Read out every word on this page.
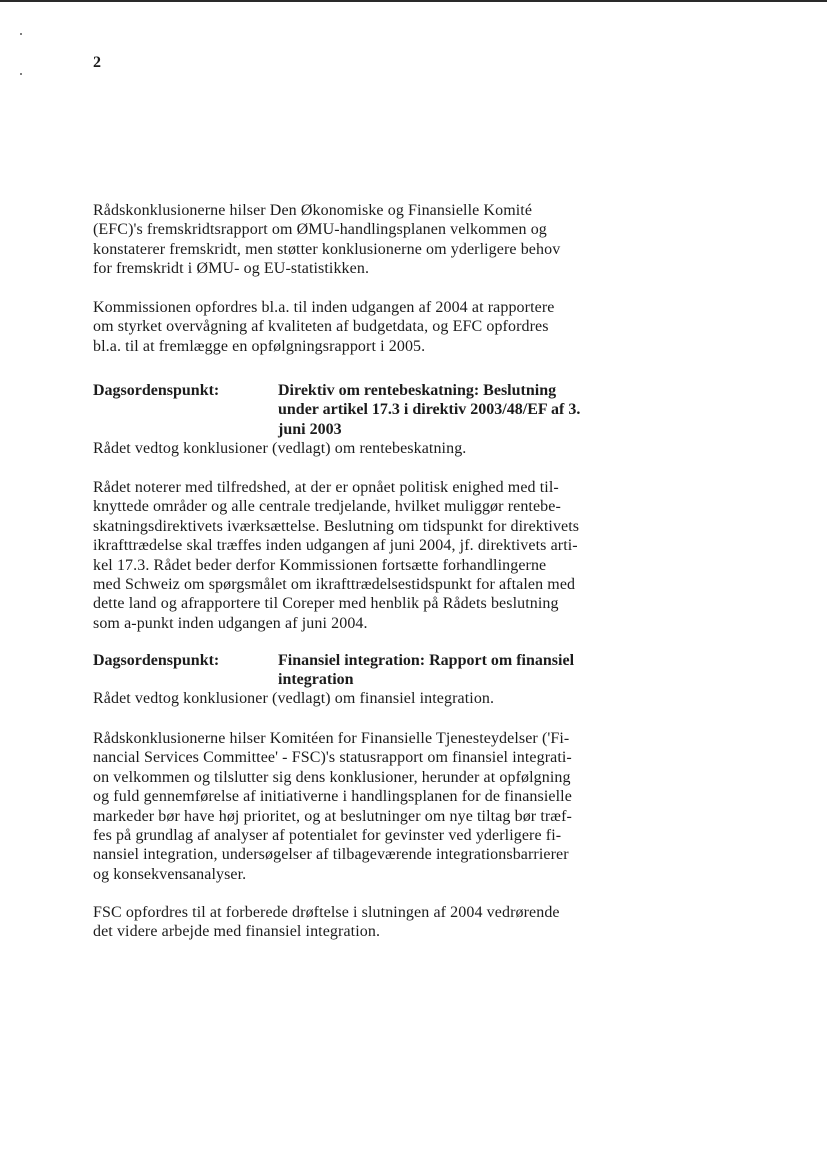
2

Rådskonklusionerne hilser Den Økonomiske og Finansielle Komité
(EFC)'s fremskridtsrapport om ØMU-handlingsplanen velkommen og
konstaterer fremskridt, men støtter konklusionerne om yderligere behov
for fremskridt i ØMU- og EU-statistikken.

Kommissionen opfordres bl.a. til inden udgangen af 2004 at rapportere
om styrket overvågning af kvaliteten af budgetdata, og EFC opfordres
bl.a. til at fremlægge en opfølgningsrapport i 2005.

Dagsordenspunkt:	Direktiv om rentebeskatning: Beslutning
under artikel 17.3 i direktiv 2003/48/EF af 3.
juni 2003

Rådet vedtog konklusioner (vedlagt) om rentebeskatning.

Rådet noterer med tilfredshed, at der er opnået politisk enighed med til-
knyttede områder og alle centrale tredjelande, hvilket muliggør rentebe-
skatningsdirektivets iværksættelse. Beslutning om tidspunkt for direktivets
ikrafttrædelse skal træffes inden udgangen af juni 2004, jf. direktivets arti-
kel 17.3. Rådet beder derfor Kommissionen fortsætte forhandlingerne
med Schweiz om spørgsmålet om ikrafttrædelsestidspunkt for aftalen med
dette land og afrapportere til Coreper med henblik på Rådets beslutning
som a-punkt inden udgangen af juni 2004.

Dagsordenspunkt:	Finansiel integration: Rapport om finansiel
integration

Rådet vedtog konklusioner (vedlagt) om finansiel integration.

Rådskonklusionerne hilser Komitéen for Finansielle Tjenesteydelser ('Fi-
nancial Services Committee' - FSC)'s statusrapport om finansiel integrati-
on velkommen og tilslutter sig dens konklusioner, herunder at opfølgning
og fuld gennemførelse af initiativerne i handlingsplanen for de finansielle
markeder bør have høj prioritet, og at beslutninger om nye tiltag bør træf-
fes på grundlag af analyser af potentialet for gevinster ved yderligere fi-
nansiel integration, undersøgelser af tilbageværende integrationsbarrierer
og konsekvensanalyser.

FSC opfordres til at forberede drøftelse i slutningen af 2004 vedrørende
det videre arbejde med finansiel integration.
